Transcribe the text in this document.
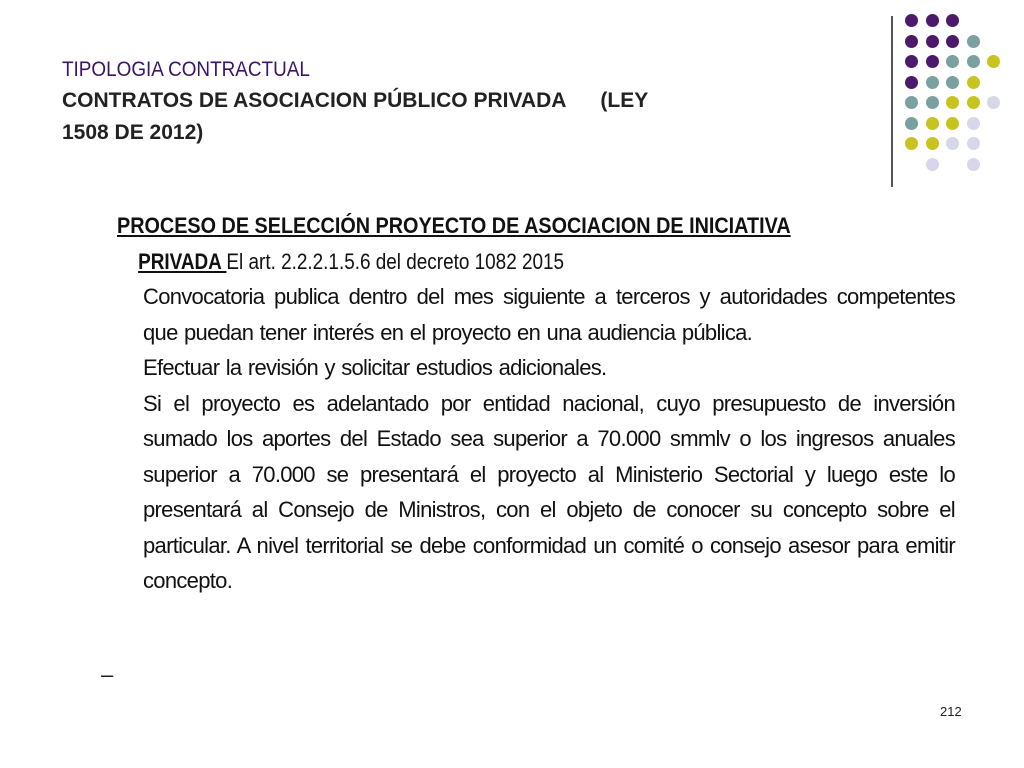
TIPOLOGIA CONTRACTUAL
CONTRATOS DE ASOCIACION PÚBLICO PRIVADA (LEY
1508 DE 2012)
PROCESO DE SELECCIÓN PROYECTO DE ASOCIACION DE INICIATIVA
PRIVADA El art. 2.2.2.1.5.6 del decreto 1082 2015
Convocatoria publica dentro del mes siguiente a terceros y autoridades competentes que puedan tener interés en el proyecto en una audiencia pública.
Efectuar la revisión y solicitar estudios adicionales.
Si el proyecto es adelantado por entidad nacional, cuyo presupuesto de inversión sumado los aportes del Estado sea superior a 70.000 smmlv o los ingresos anuales superior a 70.000 se presentará el proyecto al Ministerio Sectorial y luego este lo presentará al Consejo de Ministros, con el objeto de conocer su concepto sobre el particular. A nivel territorial se debe conformidad un comité o consejo asesor para emitir concepto.
–
212
